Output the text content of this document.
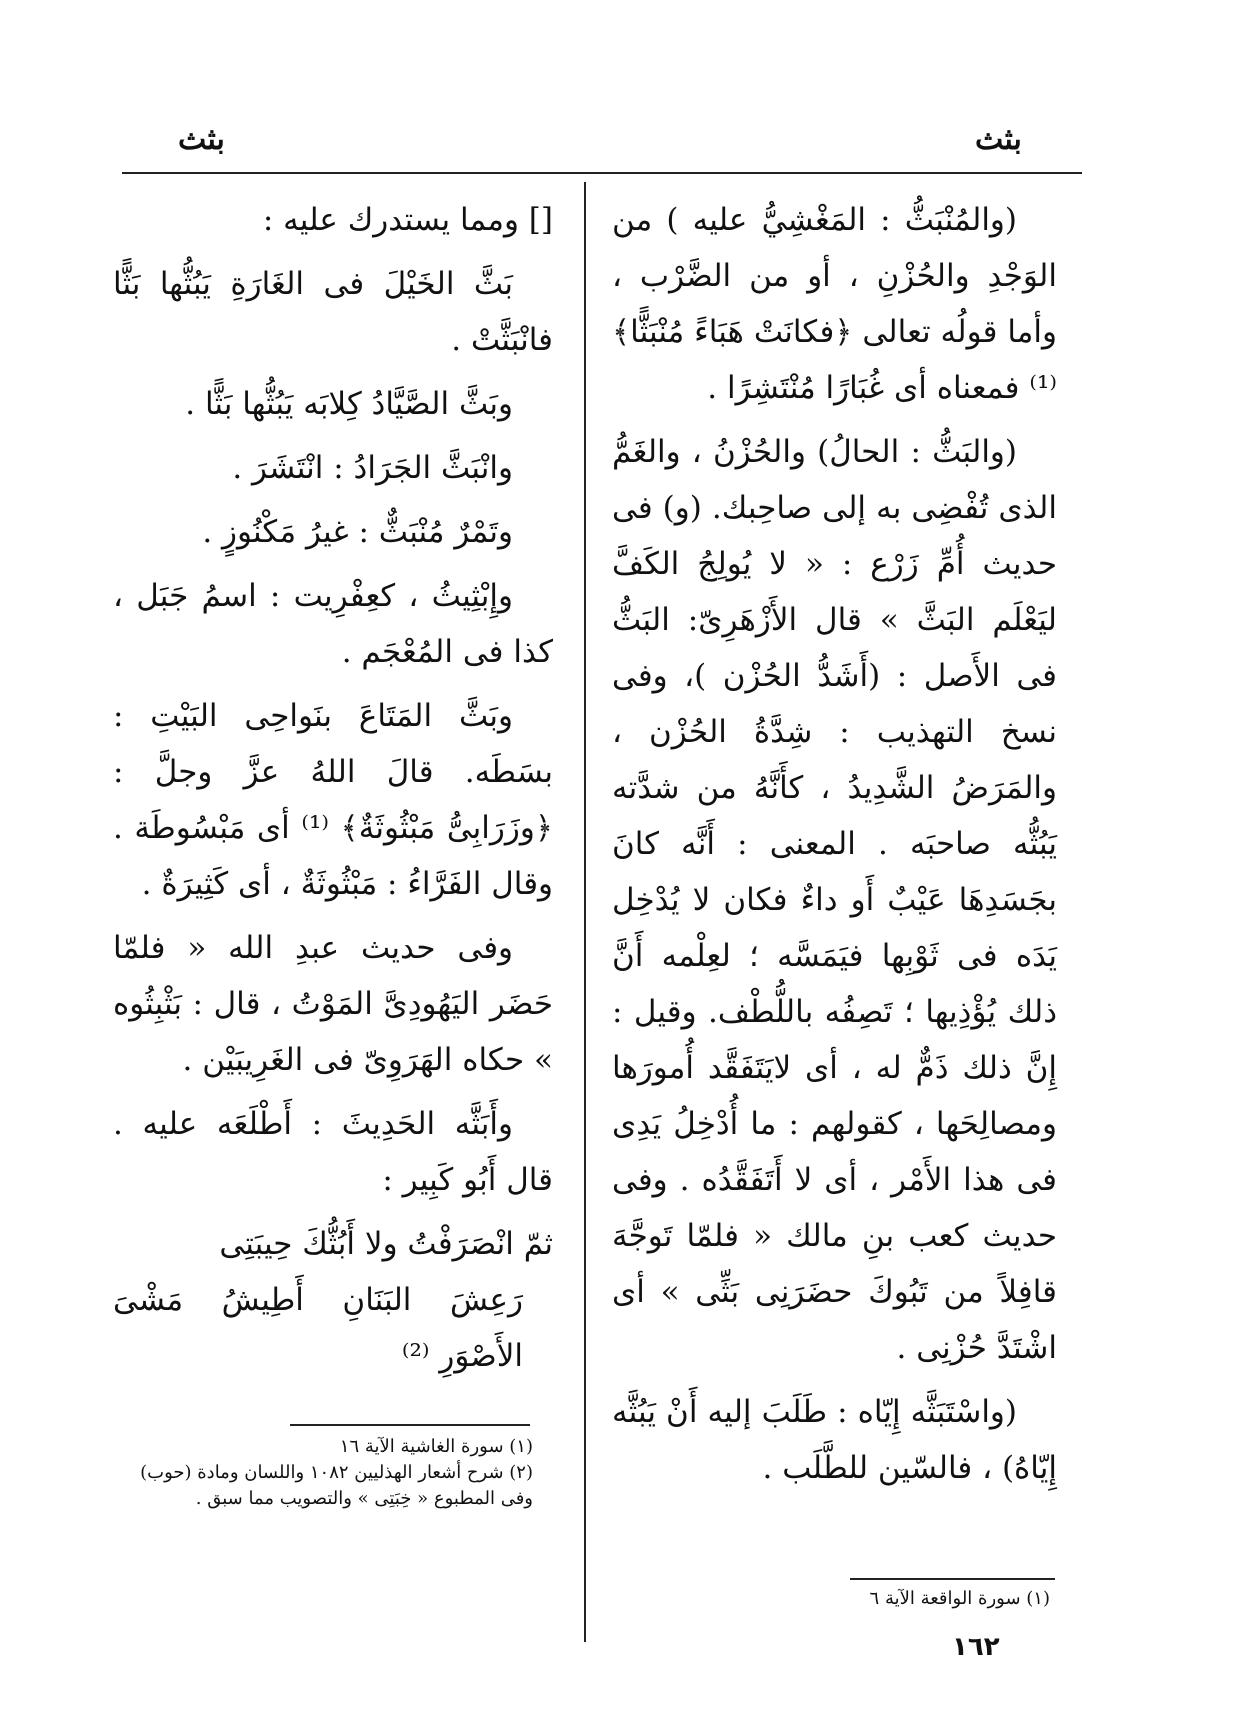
بثث
بثث

(والمُنْبَثُّ : المَغْشِيُّ عليه ) من الوَجْدِ والحُزْنِ ، أو من الضَّرْب ، وأما قولُه تعالى ﴿فكانَتْ هَبَاءً مُنْبَثًّا﴾ ⁽¹⁾ فمعناه أى غُبَارًا مُنْتَشِرًا .

(والبَثُّ : الحالُ) والحُزْنُ ، والغَمُّ الذى تُفْضِى به إلى صاحِبك. (و) فى حديث أُمِّ زَرْع : « لا يُولِجُ الكَفَّ ليَعْلَم البَثَّ » قال الأَزْهَرِىّ: البَثُّ فى الأَصل : (أَشَدُّ الحُزْن )، وفى نسخ التهذيب : شِدَّةُ الحُزْن ، والمَرَضُ الشَّدِيدُ ، كأَنَّهُ من شدَّته يَبُثُّه صاحبَه . المعنى : أَنَّه كانَ بجَسَدِهَا عَيْبٌ أَو داءٌ فكان لا يُدْخِل يَدَه فى ثَوْبِها فيَمَسَّه ؛ لعِلْمه أَنَّ ذلك يُؤْذِيها ؛ تَصِفُه باللُّطْف. وقيل : إِنَّ ذلك ذَمٌّ له ، أى لايَتَفَقَّد أُمورَها ومصالِحَها ، كقولهم : ما أُدْخِلُ يَدِى فى هذا الأَمْر ، أى لا أَتَفَقَّدُه . وفى حديث كعب بنِ مالك « فلمّا تَوجَّهَ قافِلاً من تَبُوكَ حضَرَنِى بَثِّى » أى اشْتَدَّ حُزْنِى .

(واسْتَبَثَّه إِيّاه : طَلَبَ إليه أَنْ يَبُثَّه إِيّاهُ) ، فالسّين للطَّلَب .

[] ومما يستدرك عليه :

بَثَّ الخَيْلَ فى الغَارَةِ يَبُثُّها بَثًّا فانْبَثَّتْ .

وبَثَّ الصَّيَّادُ كِلابَه يَبُثُّها بَثًّا .

وانْبَثَّ الجَرَادُ : انْتَشَرَ .

وتَمْرٌ مُنْبَثٌّ : غيرُ مَكْنُوزٍ .

وإِبْثِيثُ ، كعِفْرِيت : اسمُ جَبَل ، كذا فى المُعْجَم .

وبَثَّ المَتَاعَ بنَواحِى البَيْتِ : بسَطَه. قالَ اللهُ عزَّ وجلَّ : ﴿وزَرَابِىُّ مَبْثُوثَةٌ﴾ ⁽¹⁾ أى مَبْسُوطَة . وقال الفَرَّاءُ : مَبْثُوثَةٌ ، أى كَثِيرَةٌ .

وفى حديث عبدِ الله « فلمّا حَضَر اليَهُودِىَّ المَوْتُ ، قال : بَثْبِثُوه » حكاه الهَرَوِىّ فى الغَرِيبَيْن .

وأَبَثَّه الحَدِيثَ : أَطْلَعَه عليه . قال أَبُو كَبِير :

ثمّ انْصَرَفْتُ ولا أَبُثُّكَ حِيبَتِى
رَعِشَ البَنَانِ أَطِيشُ مَشْىَ الأَصْوَرِ ⁽²⁾
(١) سورة الغاشية الآية ١٦
(٢) شرح أشعار الهذليين ١٠٨٢ واللسان ومادة (حوب)
وفى المطبوع « خِبَتِى » والتصويب مما سبق .
(١) سورة الواقعة الآية ٦
١٦٢
